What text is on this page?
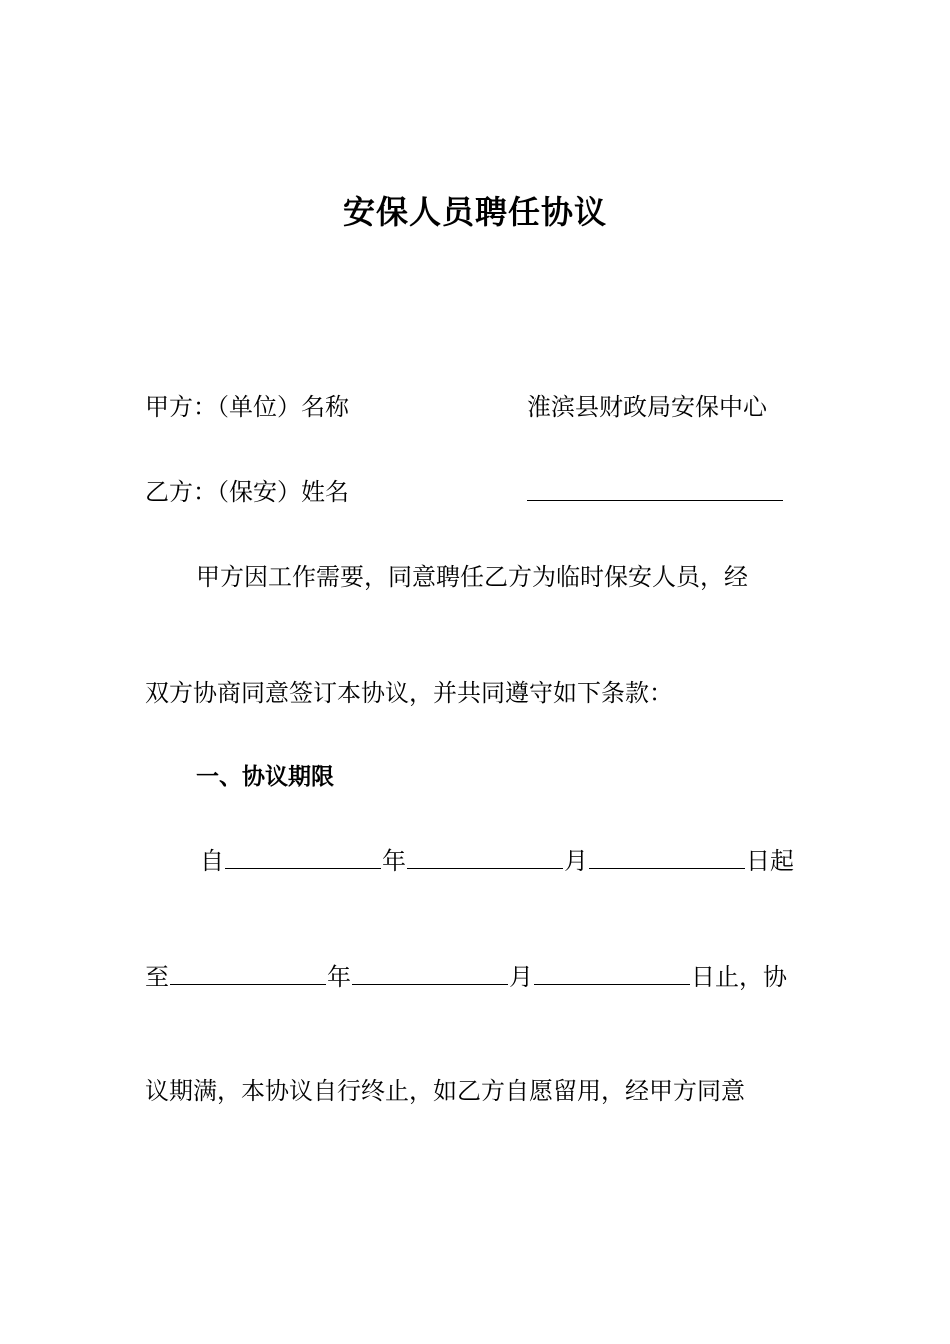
安保人员聘任协议
甲方：（单位）名称	淮滨县财政局安保中心
乙方：（保安）姓名
甲方因工作需要，同意聘任乙方为临时保安人员，经
双方协商同意签订本协议，并共同遵守如下条款：
一、协议期限
自	年	月	日起
至	年	月	日止，协
议期满，本协议自行终止，如乙方自愿留用，经甲方同意
